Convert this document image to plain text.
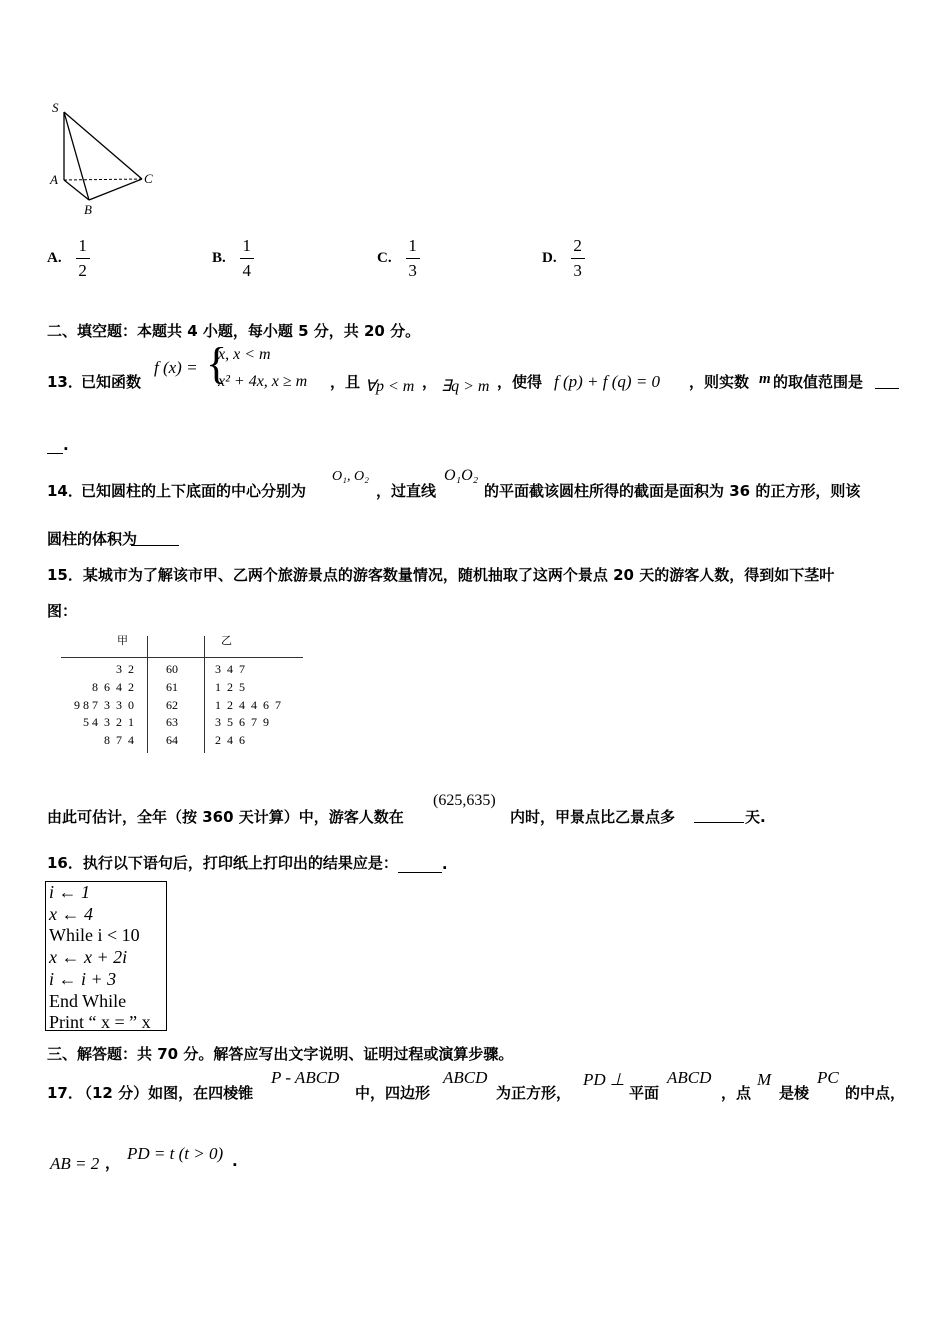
S
A
B
C
A. $\frac{1}{2}$	B. $\frac{1}{4}$	C. $\frac{1}{3}$	D. $\frac{2}{3}$
二、填空题：本题共 4 小题，每小题 5 分，共 20 分。
13．
已知函数
f (x) = {
x, x < m
x² + 4x, x ≥ m ，且 ∀p < m ， ∃q > m ，使得 f (p) + f (q) = 0 ，则实数 m 的取值范围是
.
14．
已知圆柱的上下底面的中心分别为
O₁, O₂
，过直线
O₁O₂
的平面截该圆柱所得的截面是面积为 36 的正方形，则该
圆柱的体积为
15．某城市为了解该市甲、乙两个旅游景点的游客数量情况，随机抽取了这两个景点 20 天的游客人数，得到如下茎叶
图：
甲	乙
3  2	60	3  4  7
8  6  4  2	61	1  2  5
9 8 7  3  3  0	62	1  2  4  4  6  7
5 4  3  2  1	63	3  5  6  7  9
8  7  4	64	2  4  6
由此可估计，全年（按 360 天计算）中，游客人数在
(625,635)
内时，甲景点比乙景点多	天.
16． 执行以下语句后，打印纸上打印出的结果应是：	.
i ← 1
x ← 4
While i < 10
x ← x + 2i
i ← i + 3
End While
Print “ x = ” x
三、解答题：共 70 分。解答应写出文字说明、证明过程或演算步骤。
17．
（12 分）如图，在四棱锥
P - ABCD
中，四边形
ABCD
为正方形，
PD ⊥
平面
ABCD
，点
M
是棱
PC
的中点，
AB = 2 ， PD = t (t > 0) .
